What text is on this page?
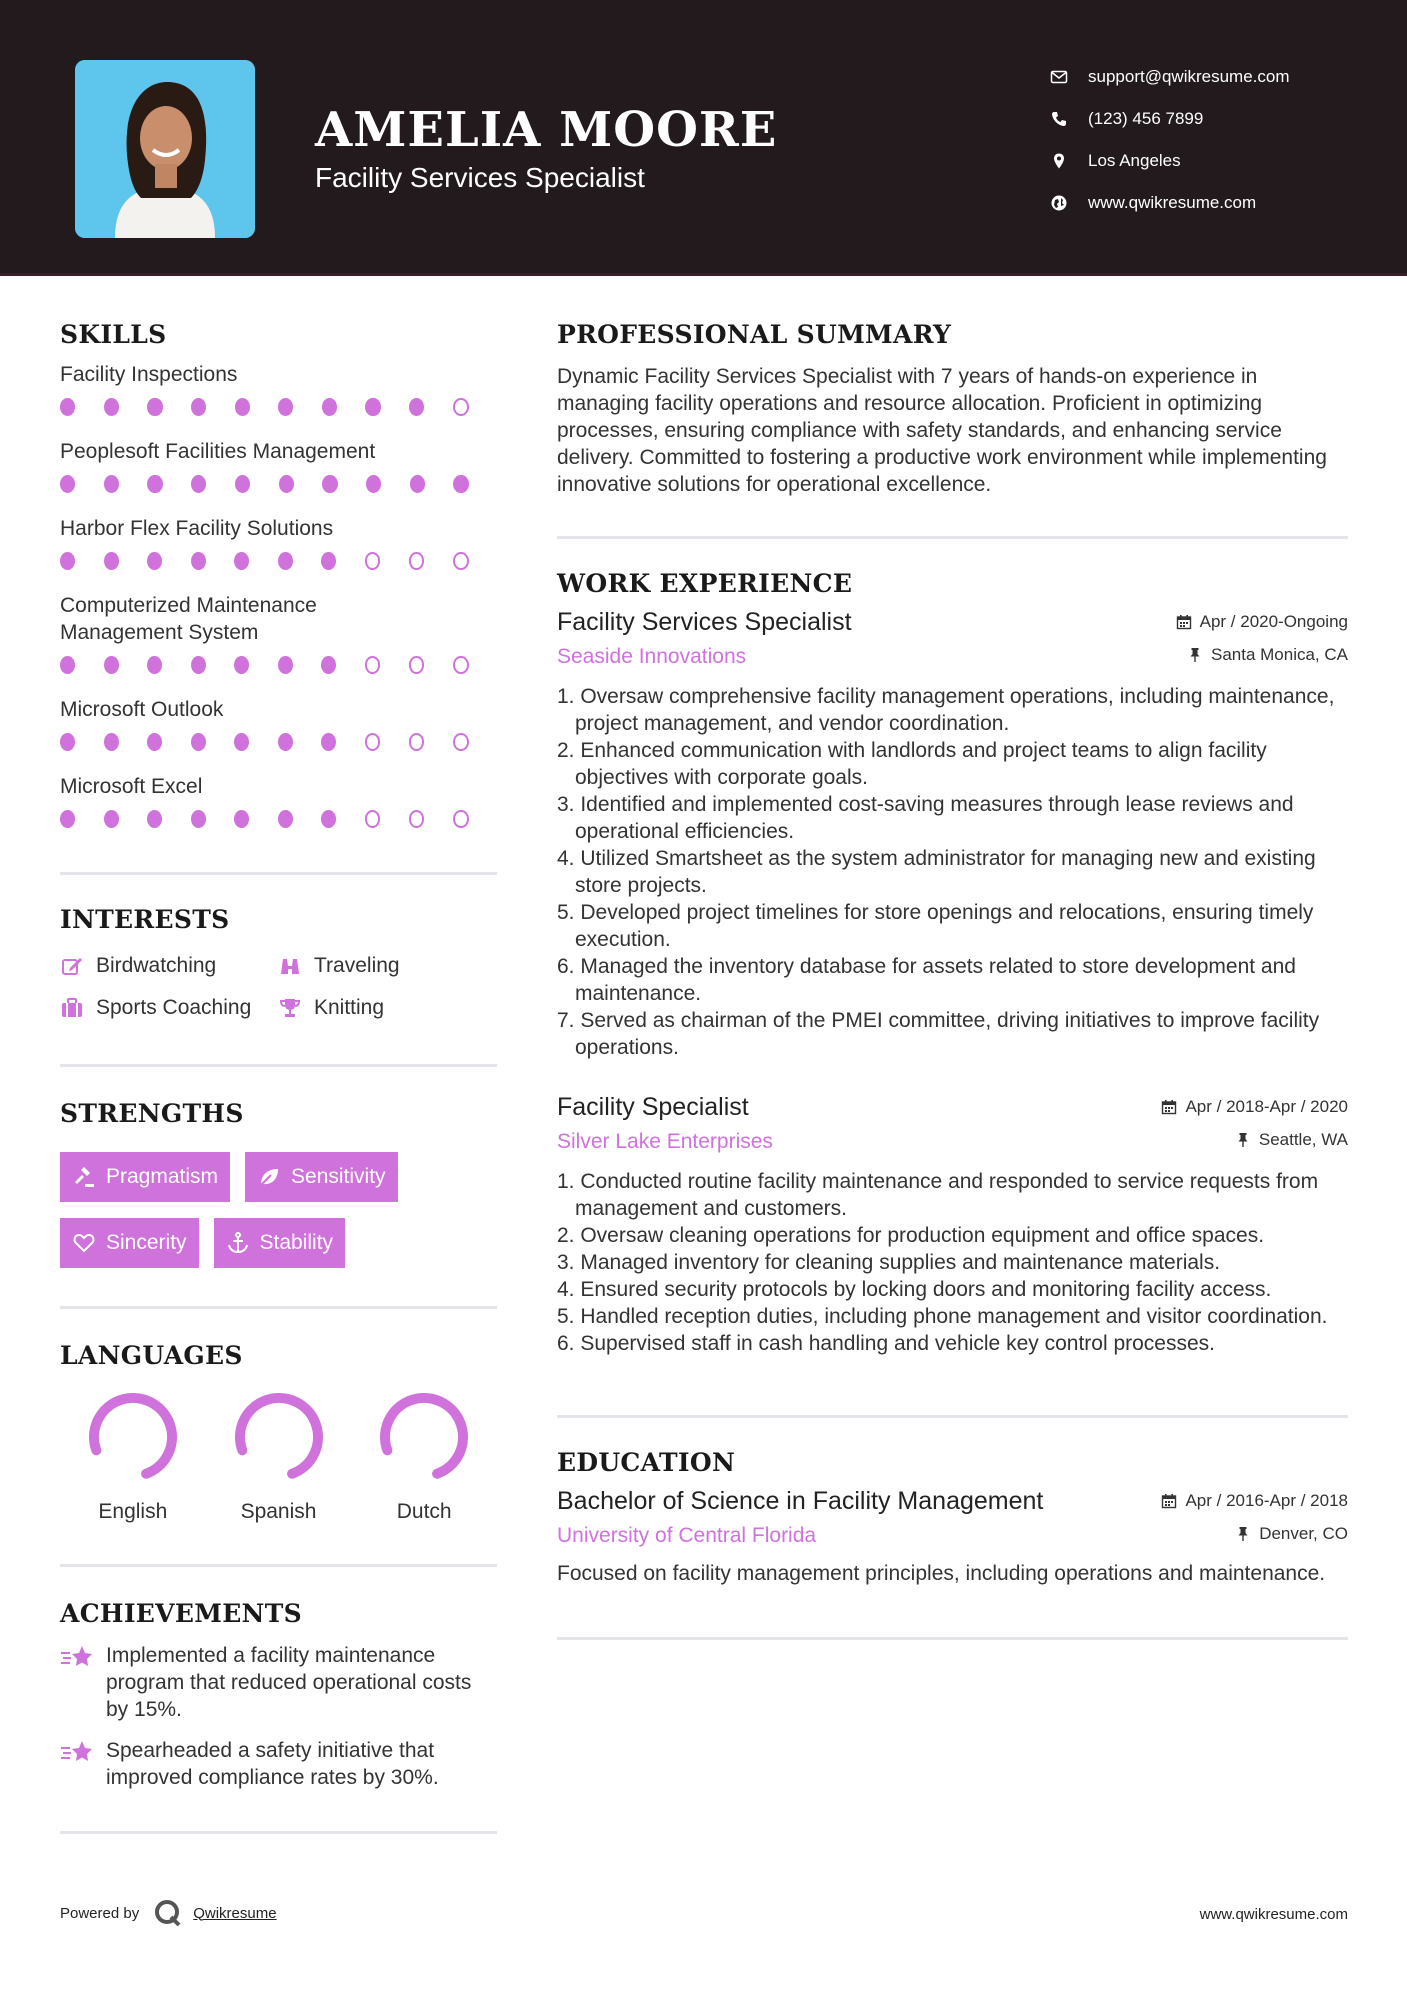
AMELIA MOORE
Facility Services Specialist
support@qwikresume.com
(123) 456 7899
Los Angeles
www.qwikresume.com
SKILLS
Facility Inspections
Peoplesoft Facilities Management
Harbor Flex Facility Solutions
Computerized Maintenance Management System
Microsoft Outlook
Microsoft Excel
INTERESTS
Birdwatching	Traveling
Sports Coaching	Knitting
STRENGTHS
Pragmatism	Sensitivity
Sincerity	Stability
LANGUAGES
English	Spanish	Dutch
ACHIEVEMENTS
Implemented a facility maintenance program that reduced operational costs by 15%.
Spearheaded a safety initiative that improved compliance rates by 30%.
PROFESSIONAL SUMMARY
Dynamic Facility Services Specialist with 7 years of hands-on experience in managing facility operations and resource allocation. Proficient in optimizing processes, ensuring compliance with safety standards, and enhancing service delivery. Committed to fostering a productive work environment while implementing innovative solutions for operational excellence.
WORK EXPERIENCE
Facility Services Specialist	Apr / 2020-Ongoing
Seaside Innovations	Santa Monica, CA
1. Oversaw comprehensive facility management operations, including maintenance, project management, and vendor coordination.
2. Enhanced communication with landlords and project teams to align facility objectives with corporate goals.
3. Identified and implemented cost-saving measures through lease reviews and operational efficiencies.
4. Utilized Smartsheet as the system administrator for managing new and existing store projects.
5. Developed project timelines for store openings and relocations, ensuring timely execution.
6. Managed the inventory database for assets related to store development and maintenance.
7. Served as chairman of the PMEI committee, driving initiatives to improve facility operations.
Facility Specialist	Apr / 2018-Apr / 2020
Silver Lake Enterprises	Seattle, WA
1. Conducted routine facility maintenance and responded to service requests from management and customers.
2. Oversaw cleaning operations for production equipment and office spaces.
3. Managed inventory for cleaning supplies and maintenance materials.
4. Ensured security protocols by locking doors and monitoring facility access.
5. Handled reception duties, including phone management and visitor coordination.
6. Supervised staff in cash handling and vehicle key control processes.
EDUCATION
Bachelor of Science in Facility Management	Apr / 2016-Apr / 2018
University of Central Florida	Denver, CO
Focused on facility management principles, including operations and maintenance.
Powered by	Qwikresume	www.qwikresume.com
